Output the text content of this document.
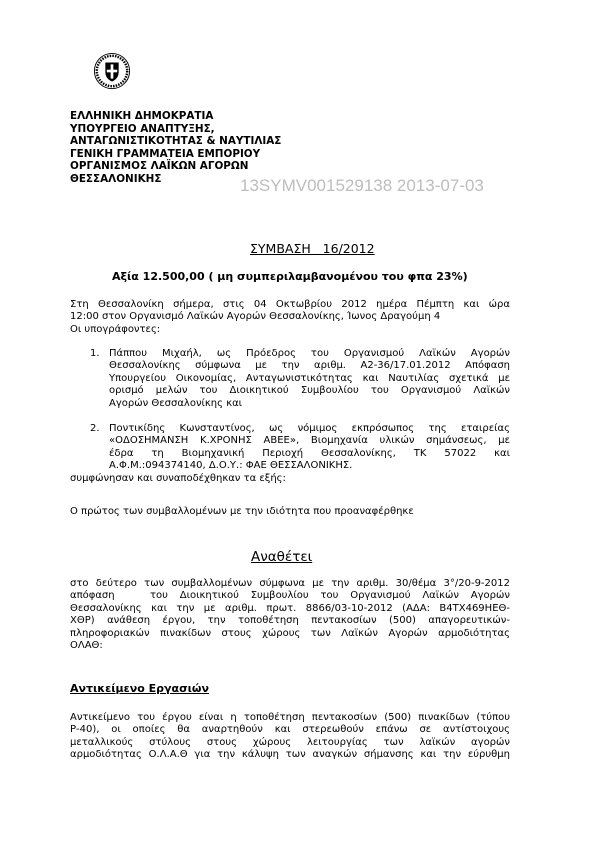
ΕΛΛΗΝΙΚΗ ΔΗΜΟΚΡΑΤΙΑ
ΥΠΟΥΡΓΕΙΟ ΑΝΑΠΤΥΞΗΣ,
ΑΝΤΑΓΩΝΙΣΤΙΚΟΤΗΤΑΣ & ΝΑΥΤΙΛΙΑΣ
ΓΕΝΙΚΗ ΓΡΑΜΜΑΤΕΙΑ ΕΜΠΟΡΙΟΥ
ΟΡΓΑΝΙΣΜΟΣ ΛΑΪΚΩΝ ΑΓΟΡΩΝ
ΘΕΣΣΑΛΟΝΙΚΗΣ	13SYMV001529138 2013-07-03
ΣΥΜΒΑΣΗ   16/2012
Αξία 12.500,00 ( μη συμπεριλαμβανομένου του φπα 23%)
Στη Θεσσαλονίκη σήμερα, στις 04 Οκτωβρίου 2012 ημέρα Πέμπτη και ώρα
12:00 στον Οργανισμό Λαϊκών Αγορών Θεσσαλονίκης, Ίωνος Δραγούμη 4
Οι υπογράφοντες:
1. Πάππου Μιχαήλ, ως Πρόεδρος του Οργανισμού Λαϊκών Αγορών
Θεσσαλονίκης σύμφωνα με την αριθμ. Α2-36/17.01.2012 Απόφαση
Υπουργείου Οικονομίας, Ανταγωνιστικότητας και Ναυτιλίας σχετικά με
ορισμό μελών του Διοικητικού Συμβουλίου του Οργανισμού Λαϊκών
Αγορών Θεσσαλονίκης και
2. Ποντικίδης Κωνσταντίνος, ως νόμιμος εκπρόσωπος της εταιρείας
«ΟΔΟΣΗΜΑΝΣΗ Κ.ΧΡΟΝΗΣ ΑΒΕΕ», Βιομηχανία υλικών σημάνσεως, με
έδρα τη Βιομηχανική Περιοχή Θεσσαλονίκης, ΤΚ 57022 και
Α.Φ.Μ.:094374140, Δ.Ο.Υ.: ΦΑΕ ΘΕΣΣΑΛΟΝΙΚΗΣ.
συμφώνησαν και συναποδέχθηκαν τα εξής:
Ο πρώτος των συμβαλλομένων με την ιδιότητα που προαναφέρθηκε
Αναθέτει
στο δεύτερο των συμβαλλομένων σύμφωνα με την αριθμ. 30/θέμα 3°/20-9-2012
απόφαση   του Διοικητικού Συμβουλίου του Οργανισμού Λαϊκών Αγορών
Θεσσαλονίκης και την με αριθμ. πρωτ. 8866/03-10-2012 (ΑΔΑ: Β4ΤΧ469ΗΕΘ-
ΧΘΡ) ανάθεση έργου, την τοποθέτηση πεντακοσίων (500) απαγορευτικών-
πληροφοριακών πινακίδων στους χώρους των Λαϊκών Αγορών αρμοδιότητας
ΟΛΑΘ:
Αντικείμενο Εργασιών
Αντικείμενο του έργου είναι η τοποθέτηση πεντακοσίων (500) πινακίδων (τύπου
Ρ-40), οι οποίες θα αναρτηθούν και στερεωθούν επάνω σε αντίστοιχους
μεταλλικούς στύλους στους χώρους λειτουργίας των λαϊκών αγορών
αρμοδιότητας Ο.Λ.Α.Θ για την κάλυψη των αναγκών σήμανσης και την εύρυθμη
